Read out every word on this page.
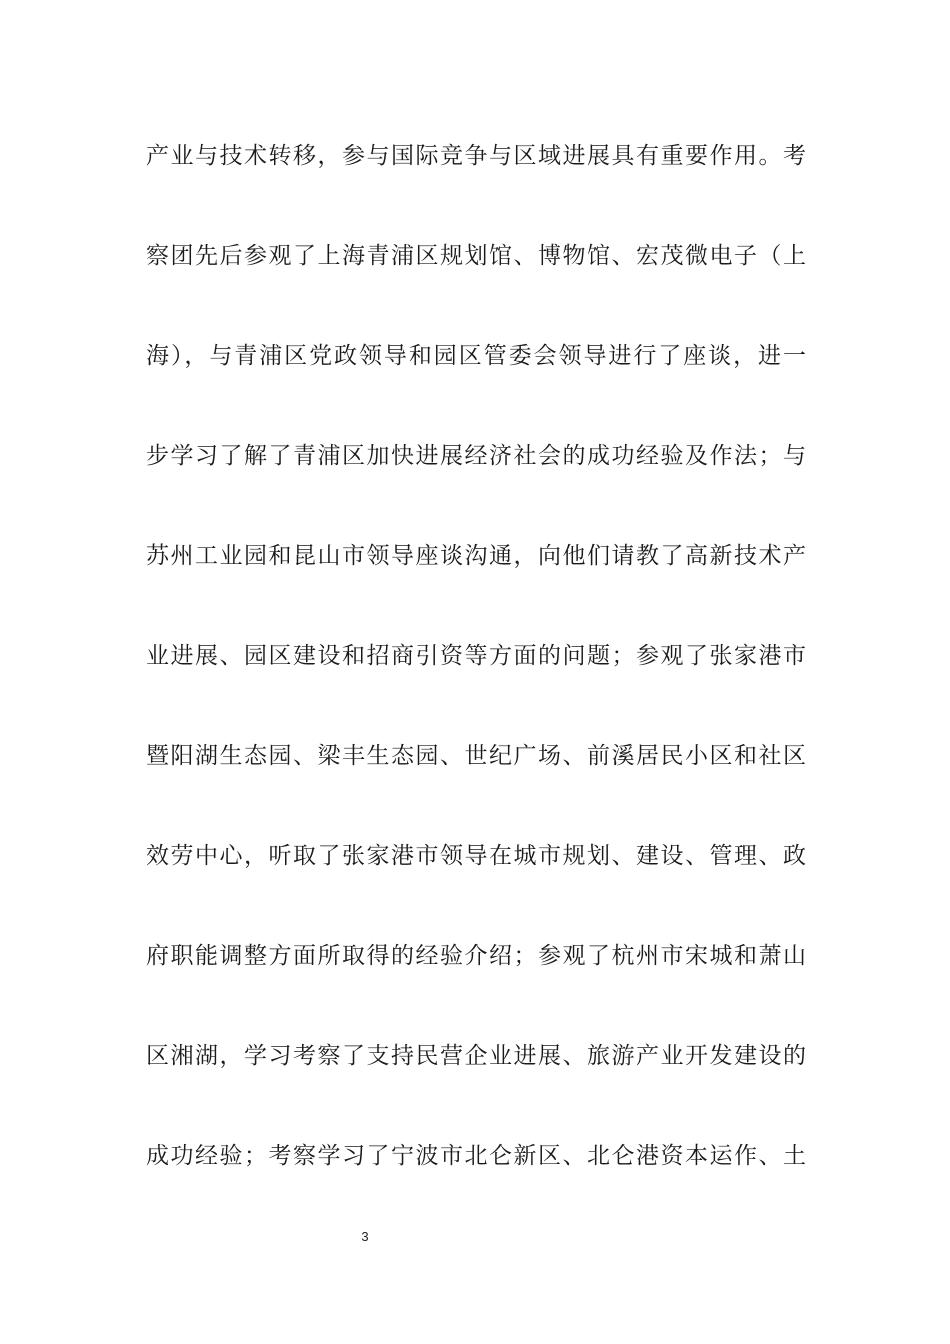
产业与技术转移，参与国际竞争与区域进展具有重要作用。考
察团先后参观了上海青浦区规划馆、博物馆、宏茂微电子（上
海），与青浦区党政领导和园区管委会领导进行了座谈，进一
步学习了解了青浦区加快进展经济社会的成功经验及作法；与
苏州工业园和昆山市领导座谈沟通，向他们请教了高新技术产
业进展、园区建设和招商引资等方面的问题；参观了张家港市
暨阳湖生态园、梁丰生态园、世纪广场、前溪居民小区和社区
效劳中心，听取了张家港市领导在城市规划、建设、管理、政
府职能调整方面所取得的经验介绍；参观了杭州市宋城和萧山
区湘湖，学习考察了支持民营企业进展、旅游产业开发建设的
成功经验；考察学习了宁波市北仑新区、北仑港资本运作、土
3
